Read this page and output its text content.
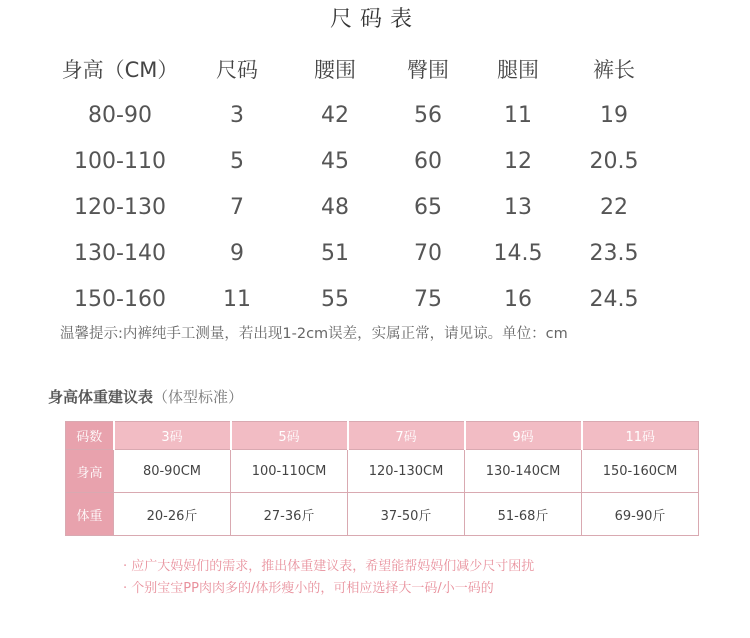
尺码表
身高（CM） 尺码	腰围 臀围 腿围	裤长
80-90	3	42	56	11	19
100-110	5	45	60	12	20.5
120-130	7	48	65	13	22
130-140	9	51	70 14.5 23.5
150-160	11	55	75	16	24.5
温馨提示:内裤纯手工测量，若出现1-2cm误差，实属正常，请见谅。单位：cm
身高体重建议表（体型标准）
码数	3码	5码	7码	9码	11码
身高	80-90CM	100-110CM	120-130CM	130-140CM	150-160CM
体重	20-26斤	27-36斤	37-50斤	51-68斤	69-90斤
· 应广大妈妈们的需求，推出体重建议表，希望能帮妈妈们减少尺寸困扰
· 个别宝宝PP肉肉多的/体形瘦小的，可相应选择大一码/小一码的
